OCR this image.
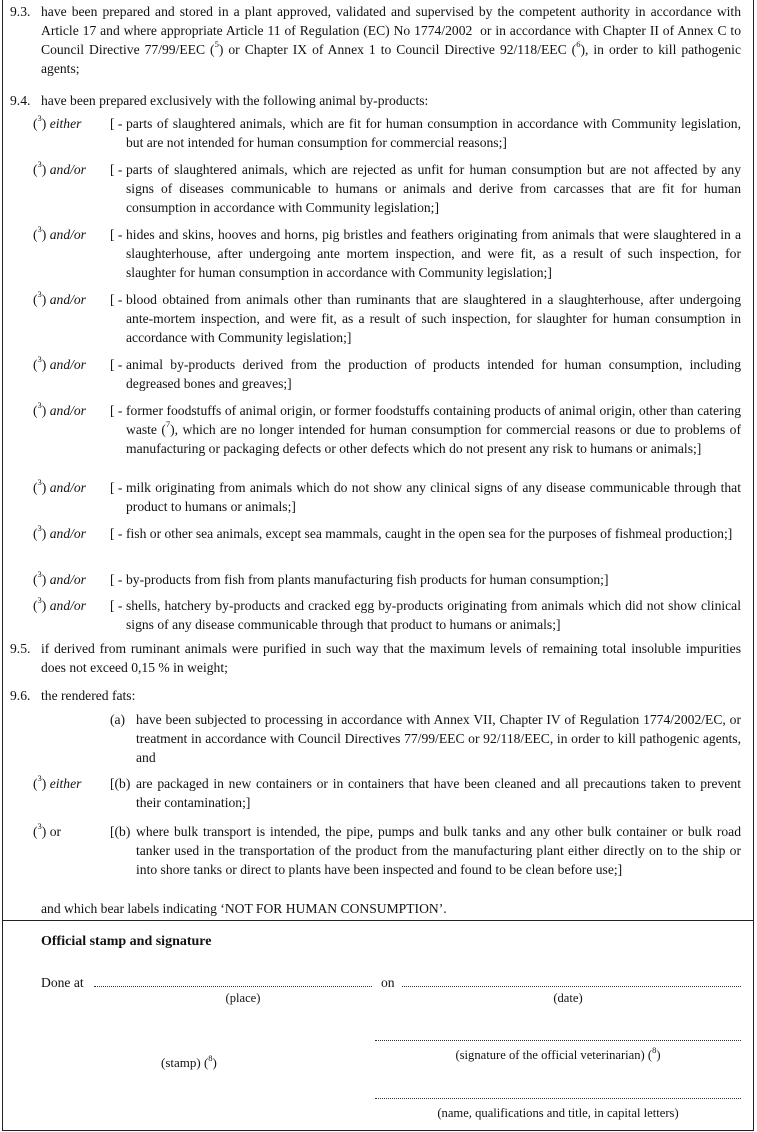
9.3. have been prepared and stored in a plant approved, validated and supervised by the competent authority in accordance with Article 17 and where appropriate Article 11 of Regulation (EC) No 1774/2002  or in accordance with Chapter II of Annex C to Council Directive 77/99/EEC ($^5$) or Chapter IX of Annex 1 to Council Directive 92/118/EEC ($^6$), in order to kill pathogenic agents;
9.4. have been prepared exclusively with the following animal by-products:
($^3$) either [ - parts of slaughtered animals, which are fit for human consumption in accordance with Community legislation, but are not intended for human consumption for commercial reasons;]
($^3$) and/or [ - parts of slaughtered animals, which are rejected as unfit for human consumption but are not affected by any signs of diseases communicable to humans or animals and derive from carcasses that are fit for human consumption in accordance with Community legislation;]
($^3$) and/or [ - hides and skins, hooves and horns, pig bristles and feathers originating from animals that were slaughtered in a slaughterhouse, after undergoing ante mortem inspection, and were fit, as a result of such inspection, for slaughter for human consumption in accordance with Community legislation;]
($^3$) and/or [ - blood obtained from animals other than ruminants that are slaughtered in a slaughterhouse, after undergoing ante-mortem inspection, and were fit, as a result of such inspection, for slaughter for human consumption in accordance with Community legislation;]
($^3$) and/or [ - animal by-products derived from the production of products intended for human consumption, including degreased bones and greaves;]
($^3$) and/or [ - former foodstuffs of animal origin, or former foodstuffs containing products of animal origin, other than catering waste ($^7$), which are no longer intended for human consumption for commercial reasons or due to problems of manufacturing or packaging defects or other defects which do not present any risk to humans or animals;]
($^3$) and/or [ - milk originating from animals which do not show any clinical signs of any disease communicable through that product to humans or animals;]
($^3$) and/or [ - fish or other sea animals, except sea mammals, caught in the open sea for the purposes of fishmeal production;]
($^3$) and/or [ - by-products from fish from plants manufacturing fish products for human consumption;]
($^3$) and/or [ - shells, hatchery by-products and cracked egg by-products originating from animals which did not show clinical signs of any disease communicable through that product to humans or animals;]
9.5. if derived from ruminant animals were purified in such way that the maximum levels of remaining total insoluble impurities does not exceed 0,15 % in weight;
9.6. the rendered fats:
(a) have been subjected to processing in accordance with Annex VII, Chapter IV of Regulation 1774/2002/EC, or treatment in accordance with Council Directives 77/99/EEC or 92/118/EEC, in order to kill pathogenic agents, and
($^3$) either [(b) are packaged in new containers or in containers that have been cleaned and all precautions taken to prevent their contamination;]
($^3$) or	[(b) where bulk transport is intended, the pipe, pumps and bulk tanks and any other bulk container or bulk road tanker used in the transportation of the product from the manufacturing plant either directly on to the ship or into shore tanks or direct to plants have been inspected and found to be clean before use;]
and which bear labels indicating ‘NOT FOR HUMAN CONSUMPTION’.
Official stamp and signature
Done at	on
(place)	(date)
(stamp) ($^8$)	(signature of the official veterinarian) ($^8$)
(name, qualifications and title, in capital letters)
